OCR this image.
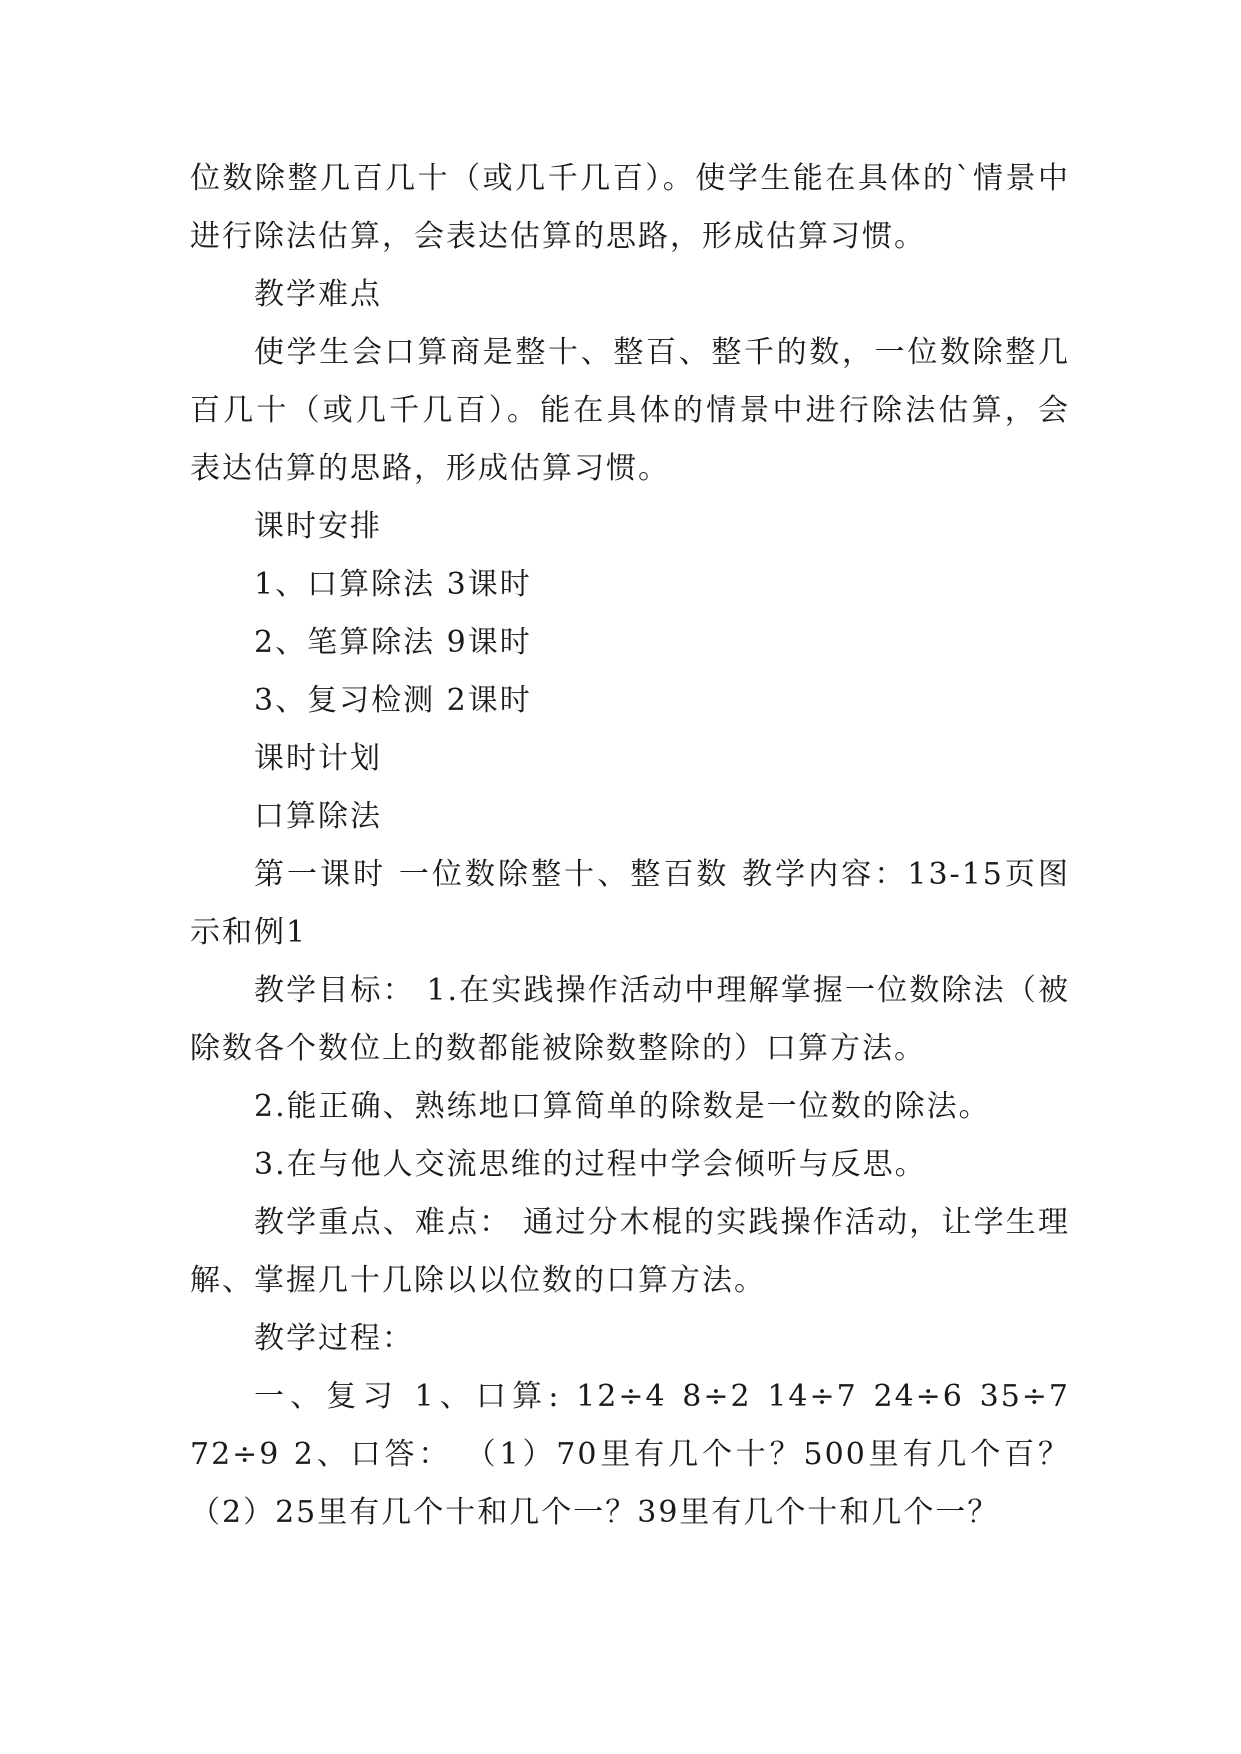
位数除整几百几十（或几千几百）。使学生能在具体的`情景中进行除法估算，会表达估算的思路，形成估算习惯。

教学难点

使学生会口算商是整十、整百、整千的数，一位数除整几百几十（或几千几百）。能在具体的情景中进行除法估算，会表达估算的思路，形成估算习惯。

课时安排

1、口算除法 3课时

2、笔算除法 9课时

3、复习检测 2课时

课时计划

口算除法

第一课时 一位数除整十、整百数 教学内容：13-15页图示和例1

教学目标： 1.在实践操作活动中理解掌握一位数除法（被除数各个数位上的数都能被除数整除的）口算方法。

2.能正确、熟练地口算简单的除数是一位数的除法。

3.在与他人交流思维的过程中学会倾听与反思。

教学重点、难点： 通过分木棍的实践操作活动，让学生理解、掌握几十几除以以位数的口算方法。

教学过程：

一、复习 1、口算: 12÷4 8÷2 14÷7 24÷6 35÷7 72÷9 2、口答： （1）70里有几个十？500里有几个百？（2）25里有几个十和几个一？39里有几个十和几个一？
